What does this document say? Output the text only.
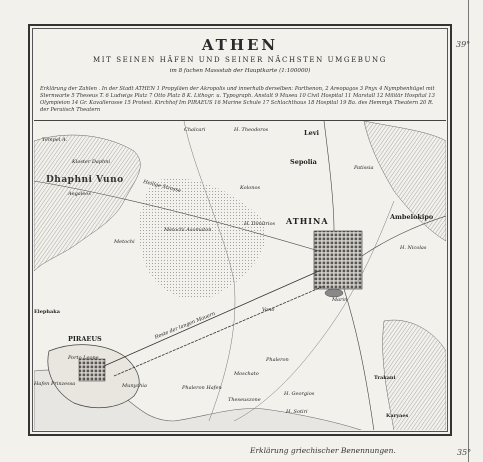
39°
35°
ATHEN
MIT SEINEN HÄFEN UND SEINER NÄCHSTEN UMGEBUNG
im 8 fachen Massstab der Hauptkarte (1:100000)
Erklärung der Zahlen . In der Stadt ATHEN 1 Propyläen der Akropolis und innerhalb derselben: Parthenon, 2 Areopagos 3 Pnyx 4 Nymphenhügel mit Sternwarte 5 Theseus T. 6 Ludwigs Platz 7 Otto Platz 8 K. Lithogr. u. Typograph. Anstalt 9 Museu 10 Civil Hospital 11 Marstall 12 Militär Hospital 13 Olympieion 14 Gr. Kavallerasse 15 Protest. Kirchhof Im PIRAEUS 16 Marine Schule 17 Schlachthaus 18 Hospital 19 Ba. des Hemmyk Theatern 20 R. der Peraiisch Theatern
Dhaphni Vuno
Aegaleos
Kloster Daphni
Tempel A.
ATHINA
PIRAEUS
Sepolia
Ambelokipo
Levi
Chalcari	H. Theodoros
Patissia
Metochi
Metochi Asomaton
Heilige Strasse
Elephaka
Phaleron
Trakani
Karyaes
Munychia	Phaleron Hafen
Porto Leone
Hafen Prinzessa
Reste der langen Mauern
Kolonos
H. Georgios
H. Sotiri
Moschato
H. Nicolas
Theseuszone
H. Dimitrios
Vono
Marin
Erklärung griechischer Benennungen.
